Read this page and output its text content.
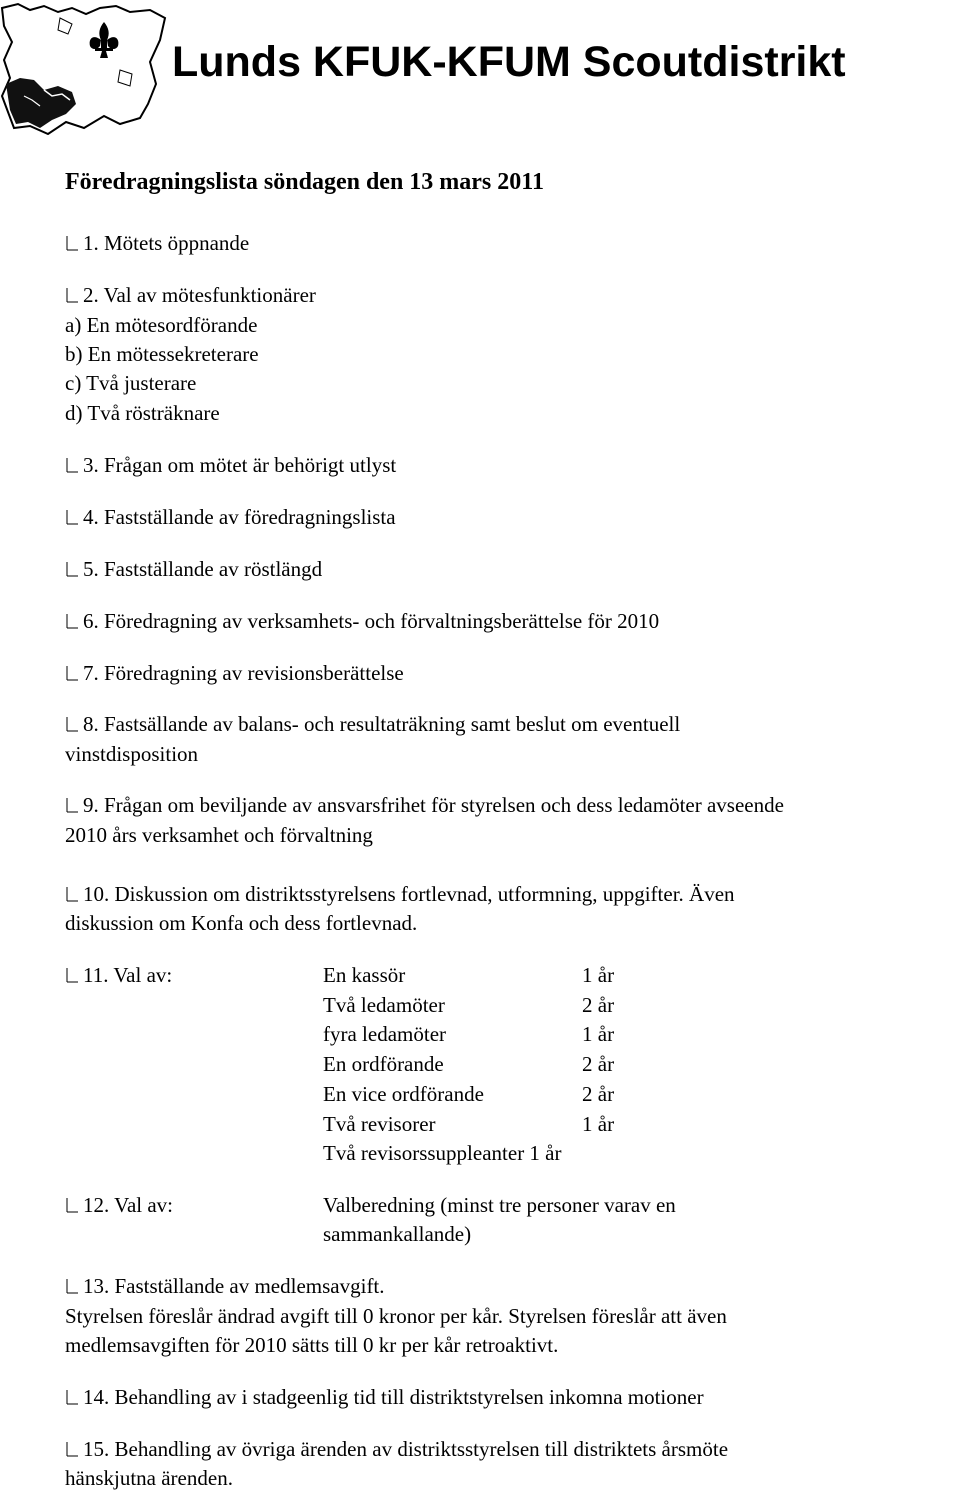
Lunds KFUK-KFUM Scoutdistrikt
Föredragningslista söndagen den 13 mars 2011

1. Mötets öppnande

2. Val av mötesfunktionärer

a) En mötesordförande

b) En mötessekreterare

c) Två justerare

d) Två rösträknare

3. Frågan om mötet är behörigt utlyst

4. Fastställande av föredragningslista

5. Fastställande av röstlängd

6. Föredragning av verksamhets- och förvaltningsberättelse för 2010

7. Föredragning av revisionsberättelse

8. Fastsällande av balans- och resultaträkning samt beslut om eventuell

vinstdisposition

9. Frågan om beviljande av ansvarsfrihet för styrelsen och dess ledamöter avseende

2010 års verksamhet och förvaltning

10. Diskussion om distriktsstyrelsens fortlevnad, utformning, uppgifter. Även

diskussion om Konfa och dess fortlevnad.

11. Val av:	En kassör	1 år
Två ledamöter	2 år
fyra ledamöter	1 år
En ordförande	2 år
En vice ordförande	2 år
Två revisorer	1 år
Två revisorssuppleanter 1 år

12. Val av:	Valberedning (minst tre personer varav en

sammankallande)

13. Fastställande av medlemsavgift.

Styrelsen föreslår ändrad avgift till 0 kronor per kår. Styrelsen föreslår att även

medlemsavgiften för 2010 sätts till 0 kr per kår retroaktivt.

14. Behandling av i stadgeenlig tid till distriktstyrelsen inkomna motioner

15. Behandling av övriga ärenden av distriktsstyrelsen till distriktets årsmöte

hänskjutna ärenden.
